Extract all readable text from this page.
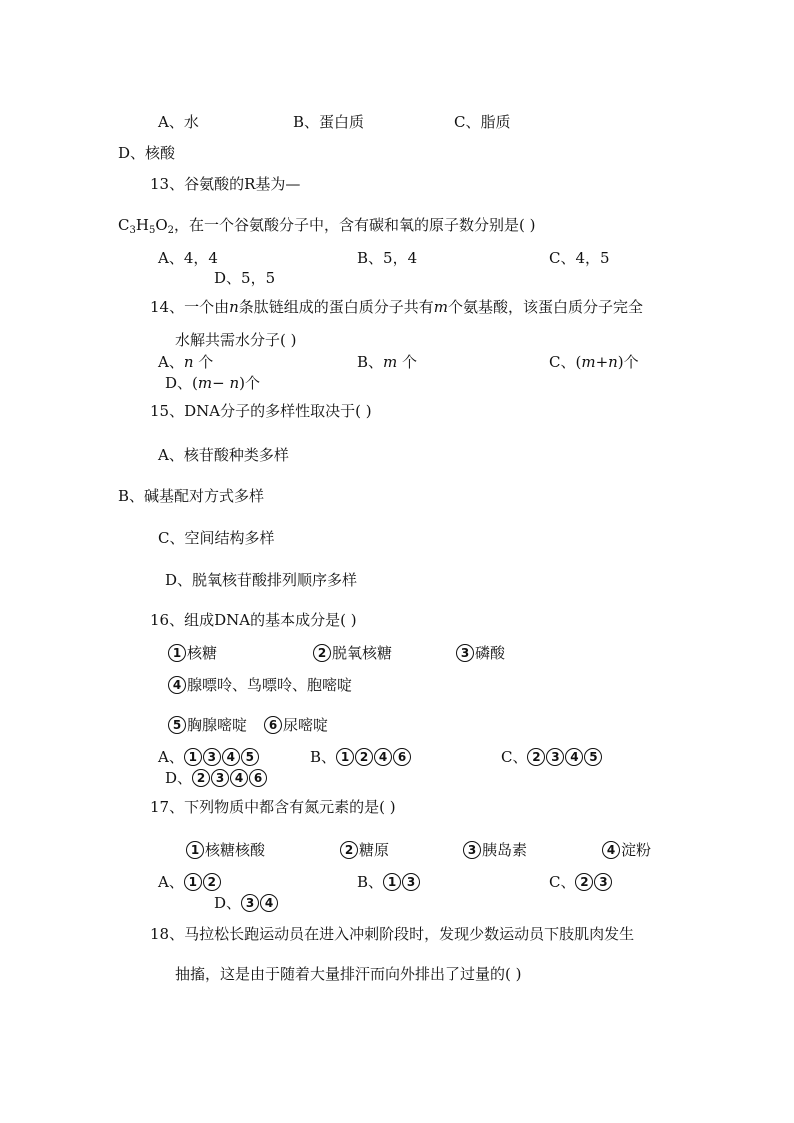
A、水	B、蛋白质	C、脂质
D、核酸
13、谷氨酸的R基为—
$C_3H_5O_2$，在一个谷氨酸分子中，含有碳和氧的原子数分别是( )
A、4，4	B、5，4	C、4，5
D、5，5
14、一个由n条肽链组成的蛋白质分子共有m个氨基酸，该蛋白质分子完全
水解共需水分子( )
A、n 个	B、m 个	C、(m+n)个
D、(m− n)个
15、DNA分子的多样性取决于( )
A、核苷酸种类多样
B、碱基配对方式多样
C、空间结构多样
D、脱氧核苷酸排列顺序多样
16、组成DNA的基本成分是( )
1 核糖	2 脱氧核糖	3 磷酸
4 腺嘌呤、鸟嘌呤、胞嘧啶
5 胸腺嘧啶	6 尿嘧啶
A、 1 3 4 5	B、 1 2 4 6	C、 2 3 4 5
D、 2 3 4 6
17、下列物质中都含有氮元素的是( )
1 核糖核酸	2 糖原	3 胰岛素	4 淀粉
A、 1 2	B、 1 3	C、 2 3
D、 3 4
18、马拉松长跑运动员在进入冲刺阶段时，发现少数运动员下肢肌肉发生
抽搐，这是由于随着大量排汗而向外排出了过量的( )
